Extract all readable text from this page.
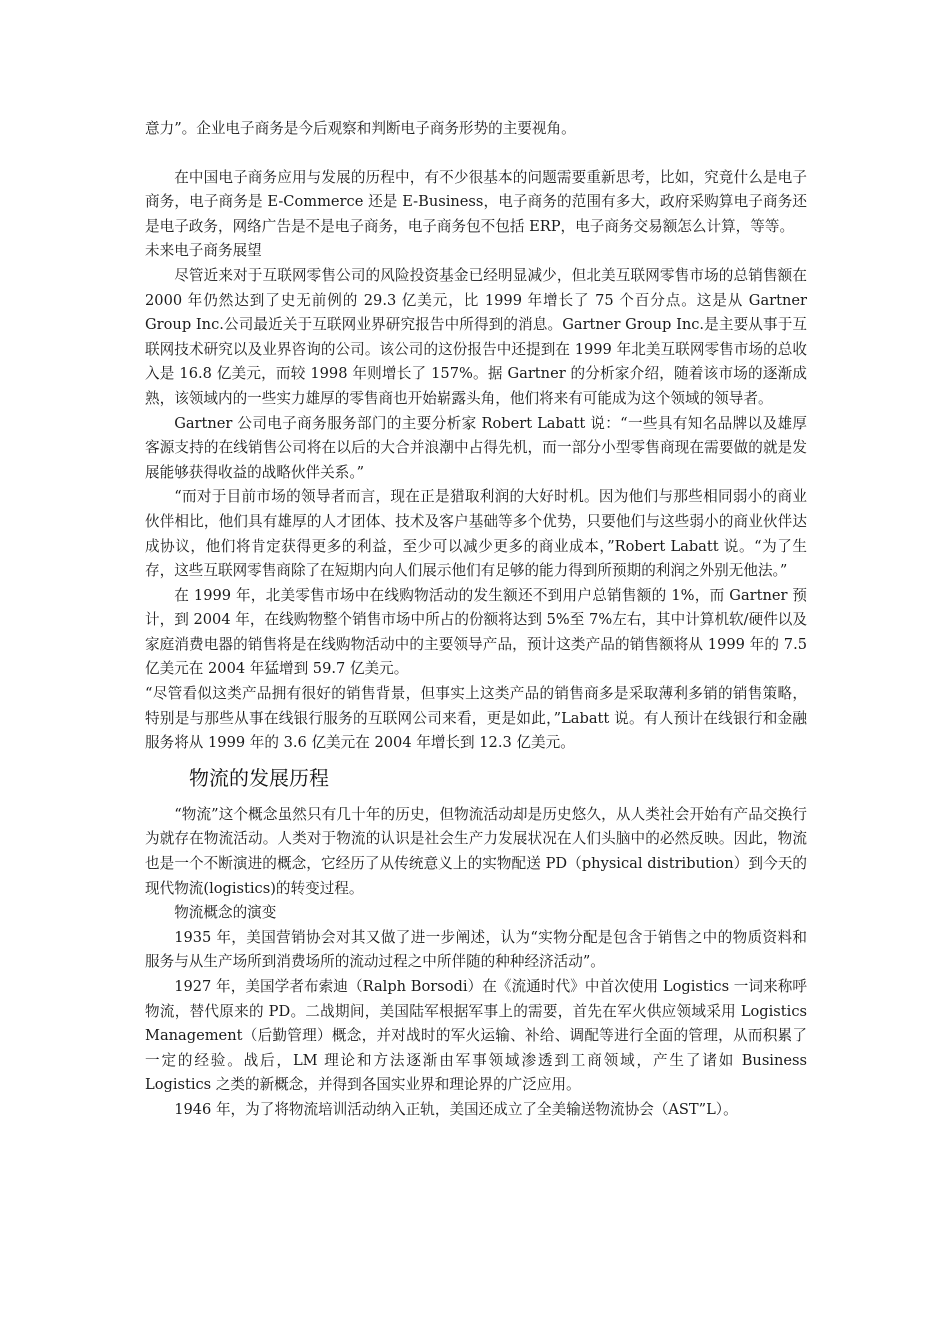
意力”。企业电子商务是今后观察和判断电子商务形势的主要视角。

在中国电子商务应用与发展的历程中，有不少很基本的问题需要重新思考，比如，究竟什么是电子商务，电子商务是 E-Commerce 还是 E-Business，电子商务的范围有多大，政府采购算电子商务还是电子政务，网络广告是不是电子商务，电子商务包不包括 ERP，电子商务交易额怎么计算，等等。

未来电子商务展望

尽管近来对于互联网零售公司的风险投资基金已经明显减少，但北美互联网零售市场的总销售额在 2000 年仍然达到了史无前例的 29.3 亿美元，比 1999 年增长了 75 个百分点。这是从 Gartner Group Inc.公司最近关于互联网业界研究报告中所得到的消息。Gartner Group Inc.是主要从事于互联网技术研究以及业界咨询的公司。该公司的这份报告中还提到在 1999 年北美互联网零售市场的总收入是 16.8 亿美元，而较 1998 年则增长了 157%。据 Gartner 的分析家介绍，随着该市场的逐渐成熟，该领域内的一些实力雄厚的零售商也开始崭露头角，他们将来有可能成为这个领域的领导者。

Gartner 公司电子商务服务部门的主要分析家 Robert Labatt 说：“一些具有知名品牌以及雄厚客源支持的在线销售公司将在以后的大合并浪潮中占得先机，而一部分小型零售商现在需要做的就是发展能够获得收益的战略伙伴关系。”

“而对于目前市场的领导者而言，现在正是猎取利润的大好时机。因为他们与那些相同弱小的商业伙伴相比，他们具有雄厚的人才团体、技术及客户基础等多个优势，只要他们与这些弱小的商业伙伴达成协议，他们将肯定获得更多的利益，至少可以减少更多的商业成本，”Robert Labatt 说。“为了生存，这些互联网零售商除了在短期内向人们展示他们有足够的能力得到所预期的利润之外别无他法。”

在 1999 年，北美零售市场中在线购物活动的发生额还不到用户总销售额的 1%，而 Gartner 预计，到 2004 年，在线购物整个销售市场中所占的份额将达到 5%至 7%左右，其中计算机软/硬件以及家庭消费电器的销售将是在线购物活动中的主要领导产品，预计这类产品的销售额将从 1999 年的 7.5 亿美元在 2004 年猛增到 59.7 亿美元。

“尽管看似这类产品拥有很好的销售背景，但事实上这类产品的销售商多是采取薄利多销的销售策略，特别是与那些从事在线银行服务的互联网公司来看，更是如此，”Labatt 说。有人预计在线银行和金融服务将从 1999 年的 3.6 亿美元在 2004 年增长到 12.3 亿美元。

物流的发展历程

“物流”这个概念虽然只有几十年的历史，但物流活动却是历史悠久，从人类社会开始有产品交换行为就存在物流活动。人类对于物流的认识是社会生产力发展状况在人们头脑中的必然反映。因此，物流也是一个不断演进的概念，它经历了从传统意义上的实物配送 PD（physical distribution）到今天的现代物流(logistics)的转变过程。

物流概念的演变

1935 年，美国营销协会对其又做了进一步阐述，认为“实物分配是包含于销售之中的物质资料和服务与从生产场所到消费场所的流动过程之中所伴随的种种经济活动”。

1927 年，美国学者布索迪（Ralph Borsodi）在《流通时代》中首次使用 Logistics 一词来称呼物流，替代原来的 PD。二战期间，美国陆军根据军事上的需要，首先在军火供应领域采用 Logistics Management（后勤管理）概念，并对战时的军火运输、补给、调配等进行全面的管理，从而积累了一定的经验。战后，LM 理论和方法逐渐由军事领域渗透到工商领域，产生了诸如 Business Logistics 之类的新概念，并得到各国实业界和理论界的广泛应用。

1946 年，为了将物流培训活动纳入正轨，美国还成立了全美输送物流协会（AST”L）。
